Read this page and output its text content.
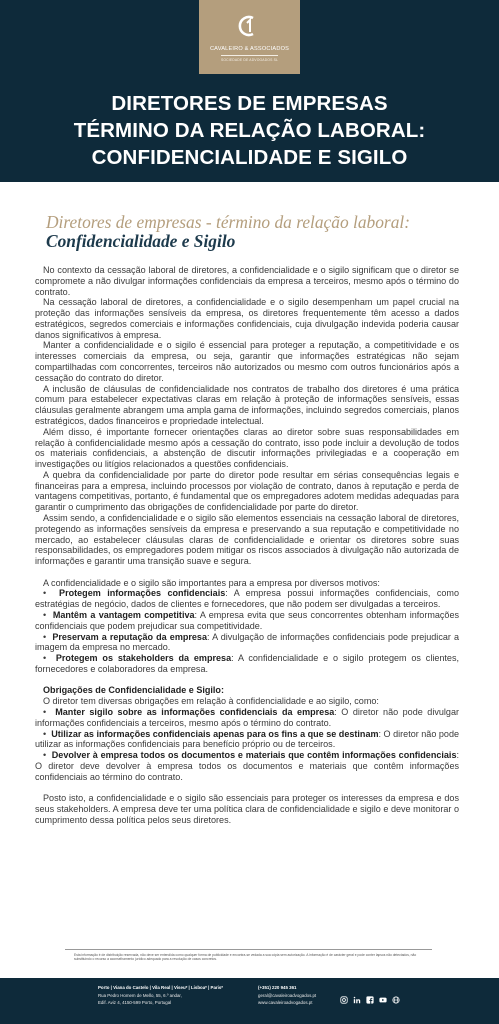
CAVALEIRO & ASSOCIADOS
SOCIEDADE DE ADVOGADOS SL
DIRETORES DE EMPRESAS
TÉRMINO DA RELAÇÃO LABORAL:
CONFIDENCIALIDADE E SIGILO
Diretores de empresas - término da relação laboral:
Confidencialidade e Sigilo

No contexto da cessação laboral de diretores, a confidencialidade e o sigilo significam que o diretor se compromete a não divulgar informações confidenciais da empresa a terceiros, mesmo após o término do contrato.

Na cessação laboral de diretores, a confidencialidade e o sigilo desempenham um papel crucial na proteção das informações sensíveis da empresa, os diretores frequentemente têm acesso a dados estratégicos, segredos comerciais e informações confidenciais, cuja divulgação indevida poderia causar danos significativos à empresa.

Manter a confidencialidade e o sigilo é essencial para proteger a reputação, a competitividade e os interesses comerciais da empresa, ou seja, garantir que informações estratégicas não sejam compartilhadas com concorrentes, terceiros não autorizados ou mesmo com outros funcionários após a cessação do contrato do diretor.

A inclusão de cláusulas de confidencialidade nos contratos de trabalho dos diretores é uma prática comum para estabelecer expectativas claras em relação à proteção de informações sensíveis, essas cláusulas geralmente abrangem uma ampla gama de informações, incluindo segredos comerciais, planos estratégicos, dados financeiros e propriedade intelectual.

Além disso, é importante fornecer orientações claras ao diretor sobre suas responsabilidades em relação à confidencialidade mesmo após a cessação do contrato, isso pode incluir a devolução de todos os materiais confidenciais, a abstenção de discutir informações privilegiadas e a cooperação em investigações ou litígios relacionados a questões confidenciais.

A quebra da confidencialidade por parte do diretor pode resultar em sérias consequências legais e financeiras para a empresa, incluindo processos por violação de contrato, danos à reputação e perda de vantagens competitivas, portanto, é fundamental que os empregadores adotem medidas adequadas para garantir o cumprimento das obrigações de confidencialidade por parte do diretor.

Assim sendo, a confidencialidade e o sigilo são elementos essenciais na cessação laboral de diretores, protegendo as informações sensíveis da empresa e preservando a sua reputação e competitividade no mercado, ao estabelecer cláusulas claras de confidencialidade e orientar os diretores sobre suas responsabilidades, os empregadores podem mitigar os riscos associados à divulgação não autorizada de informações e garantir uma transição suave e segura.

A confidencialidade e o sigilo são importantes para a empresa por diversos motivos:

•  Protegem informações confidenciais: A empresa possui informações confidenciais, como estratégias de negócio, dados de clientes e fornecedores, que não podem ser divulgadas a terceiros.

•  Mantêm a vantagem competitiva: A empresa evita que seus concorrentes obtenham informações confidenciais que podem prejudicar sua competitividade.

•  Preservam a reputação da empresa: A divulgação de informações confidenciais pode prejudicar a imagem da empresa no mercado.

•  Protegem os stakeholders da empresa: A confidencialidade e o sigilo protegem os clientes, fornecedores e colaboradores da empresa.

Obrigações de Confidencialidade e Sigilo:

O diretor tem diversas obrigações em relação à confidencialidade e ao sigilo, como:

•  Manter sigilo sobre as informações confidenciais da empresa: O diretor não pode divulgar informações confidenciais a terceiros, mesmo após o término do contrato.

•  Utilizar as informações confidenciais apenas para os fins a que se destinam: O diretor não pode utilizar as informações confidenciais para benefício próprio ou de terceiros.

•  Devolver à empresa todos os documentos e materiais que contêm informações confidenciais: O diretor deve devolver à empresa todos os documentos e materiais que contêm informações confidenciais ao término do contrato.

Posto isto, a confidencialidade e o sigilo são essenciais para proteger os interesses da empresa e dos seus stakeholders. A empresa deve ter uma política clara de confidencialidade e sigilo e deve monitorar o cumprimento dessa política pelos seus diretores.

Esta informação é de distribuição reservada, não deve ser entendida como qualquer forma de publicidade e encontra-se vedada a sua cópia sem autorização. A informação é de carácter geral e pode conter lapsos não detectados, não substituindo o recurso a aconselhamento jurídico adequado para a resolução de casos concretos.
Porto | Viana do Castelo | Vila Real | Viseu* | Lisboa* | Paris*
Rua Pedro Homem de Mello, 55, 6.º andar,
Edif. Aviz 4, 4150-599 Porto, Portugal
(+351) 220 945 361
geral@cavaleiroadvogados.pt
www.cavaleiroadvogados.pt
